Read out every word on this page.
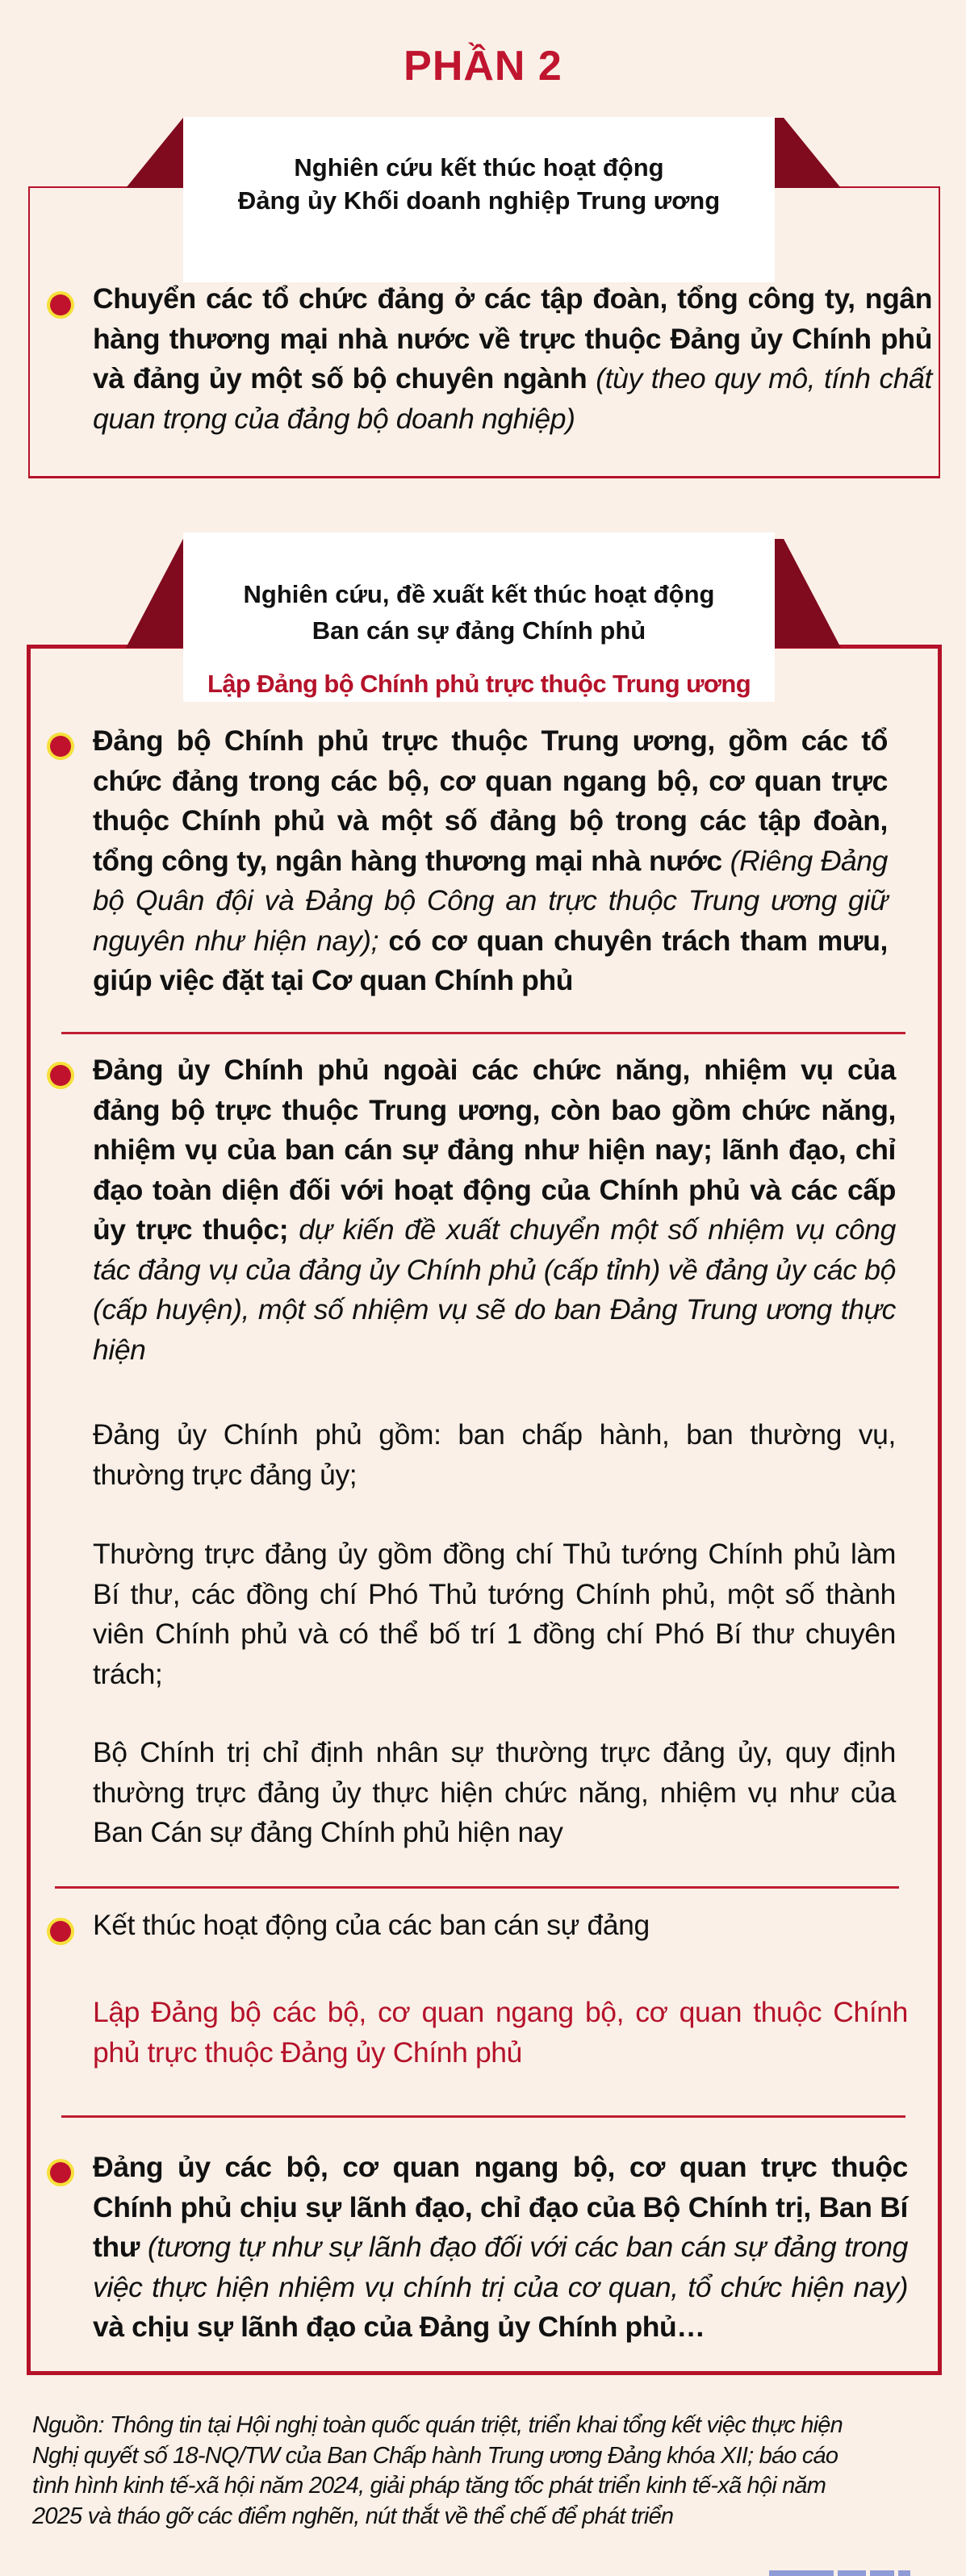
PHẦN 2
Nghiên cứu kết thúc hoạt động
Đảng ủy Khối doanh nghiệp Trung ương

Chuyển các tổ chức đảng ở các tập đoàn, tổng công ty, ngân hàng thương mại nhà nước về trực thuộc Đảng ủy Chính phủ và đảng ủy một số bộ chuyên ngành (tùy theo quy mô, tính chất quan trọng của đảng bộ doanh nghiệp)

Nghiên cứu, đề xuất kết thúc hoạt động
Ban cán sự đảng Chính phủ
Lập Đảng bộ Chính phủ trực thuộc Trung ương

Đảng bộ Chính phủ trực thuộc Trung ương, gồm các tổ chức đảng trong các bộ, cơ quan ngang bộ, cơ quan trực thuộc Chính phủ và một số đảng bộ trong các tập đoàn, tổng công ty, ngân hàng thương mại nhà nước (Riêng Đảng bộ Quân đội và Đảng bộ Công an trực thuộc Trung ương giữ nguyên như hiện nay); có cơ quan chuyên trách tham mưu, giúp việc đặt tại Cơ quan Chính phủ

Đảng ủy Chính phủ ngoài các chức năng, nhiệm vụ của đảng bộ trực thuộc Trung ương, còn bao gồm chức năng, nhiệm vụ của ban cán sự đảng như hiện nay; lãnh đạo, chỉ đạo toàn diện đối với hoạt động của Chính phủ và các cấp ủy trực thuộc; dự kiến đề xuất chuyển một số nhiệm vụ công tác đảng vụ của đảng ủy Chính phủ (cấp tỉnh) về đảng ủy các bộ (cấp huyện), một số nhiệm vụ sẽ do ban Đảng Trung ương thực hiện

Đảng ủy Chính phủ gồm: ban chấp hành, ban thường vụ, thường trực đảng ủy;

Thường trực đảng ủy gồm đồng chí Thủ tướng Chính phủ làm Bí thư, các đồng chí Phó Thủ tướng Chính phủ, một số thành viên Chính phủ và có thể bố trí 1 đồng chí Phó Bí thư chuyên trách;

Bộ Chính trị chỉ định nhân sự thường trực đảng ủy, quy định thường trực đảng ủy thực hiện chức năng, nhiệm vụ như của Ban Cán sự đảng Chính phủ hiện nay

Kết thúc hoạt động của các ban cán sự đảng

Lập Đảng bộ các bộ, cơ quan ngang bộ, cơ quan thuộc Chính phủ trực thuộc Đảng ủy Chính phủ

Đảng ủy các bộ, cơ quan ngang bộ, cơ quan trực thuộc Chính phủ chịu sự lãnh đạo, chỉ đạo của Bộ Chính trị, Ban Bí thư (tương tự như sự lãnh đạo đối với các ban cán sự đảng trong việc thực hiện nhiệm vụ chính trị của cơ quan, tổ chức hiện nay) và chịu sự lãnh đạo của Đảng ủy Chính phủ…

Nguồn: Thông tin tại Hội nghị toàn quốc quán triệt, triển khai tổng kết việc thực hiện Nghị quyết số 18-NQ/TW của Ban Chấp hành Trung ương Đảng khóa XII; báo cáo tình hình kinh tế-xã hội năm 2024, giải pháp tăng tốc phát triển kinh tế-xã hội năm 2025 và tháo gỡ các điểm nghẽn, nút thắt về thể chế để phát triển
